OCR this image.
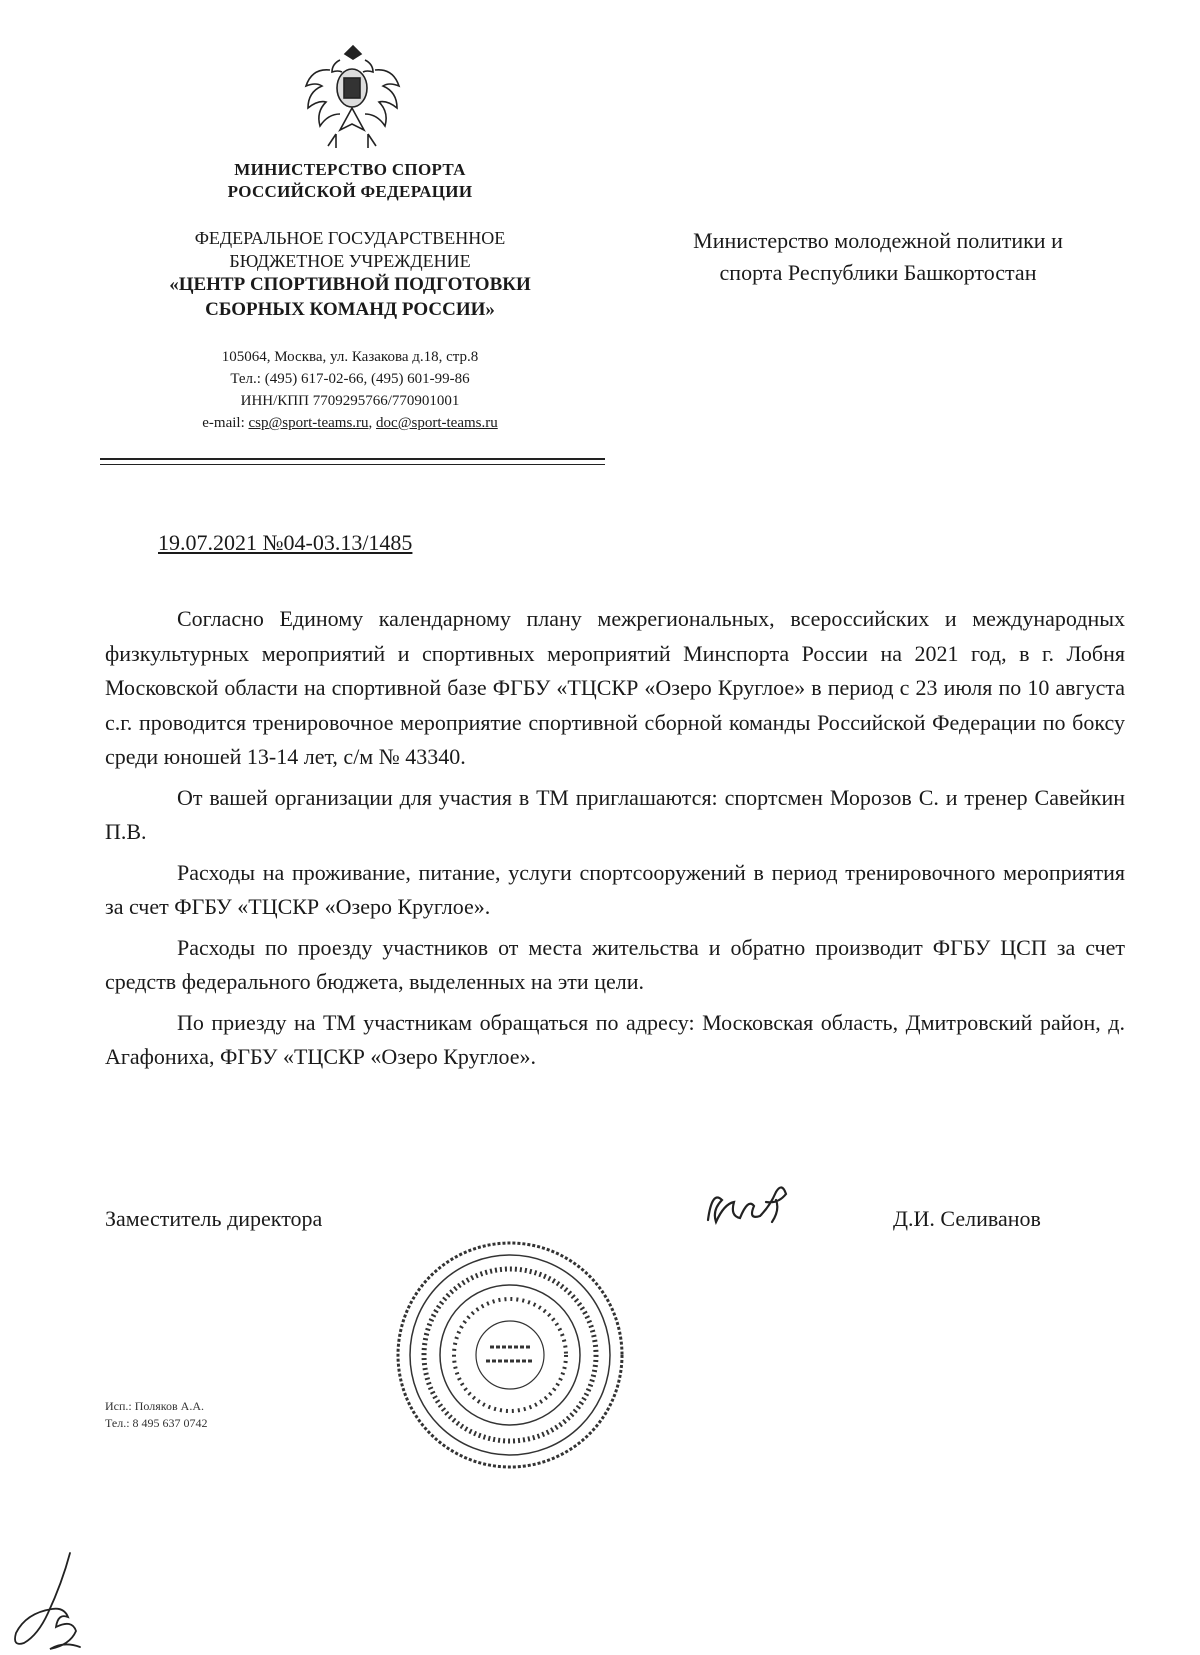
МИНИСТЕРСТВО СПОРТА
РОССИЙСКОЙ ФЕДЕРАЦИИ
ФЕДЕРАЛЬНОЕ ГОСУДАРСТВЕННОЕ
БЮДЖЕТНОЕ УЧРЕЖДЕНИЕ
«ЦЕНТР СПОРТИВНОЙ ПОДГОТОВКИ
СБОРНЫХ КОМАНД РОССИИ»
105064, Москва, ул. Казакова д.18, стр.8
Тел.: (495) 617-02-66, (495) 601-99-86
ИНН/КПП 7709295766/770901001
e-mail: csp@sport-teams.ru, doc@sport-teams.ru
Министерство молодежной политики и
спорта Республики Башкортостан
19.07.2021 №04-03.13/1485

Согласно Единому календарному плану межрегиональных, всероссийских и международных физкультурных мероприятий и спортивных мероприятий Минспорта России на 2021 год, в г. Лобня Московской области на спортивной базе ФГБУ «ТЦСКР «Озеро Круглое» в период с 23 июля по 10 августа с.г. проводится тренировочное мероприятие спортивной сборной команды Российской Федерации по боксу среди юношей 13-14 лет, с/м № 43340.

От вашей организации для участия в ТМ приглашаются: спортсмен Морозов С. и тренер Савейкин П.В.

Расходы на проживание, питание, услуги спортсооружений в период тренировочного мероприятия за счет ФГБУ «ТЦСКР «Озеро Круглое».

Расходы по проезду участников от места жительства и обратно производит ФГБУ ЦСП за счет средств федерального бюджета, выделенных на эти цели.

По приезду на ТМ участникам обращаться по адресу: Московская область, Дмитровский район, д. Агафониха, ФГБУ «ТЦСКР «Озеро Круглое».

Заместитель директора	Д.И. Селиванов
Исп.: Поляков А.А.
Тел.: 8 495 637 0742
